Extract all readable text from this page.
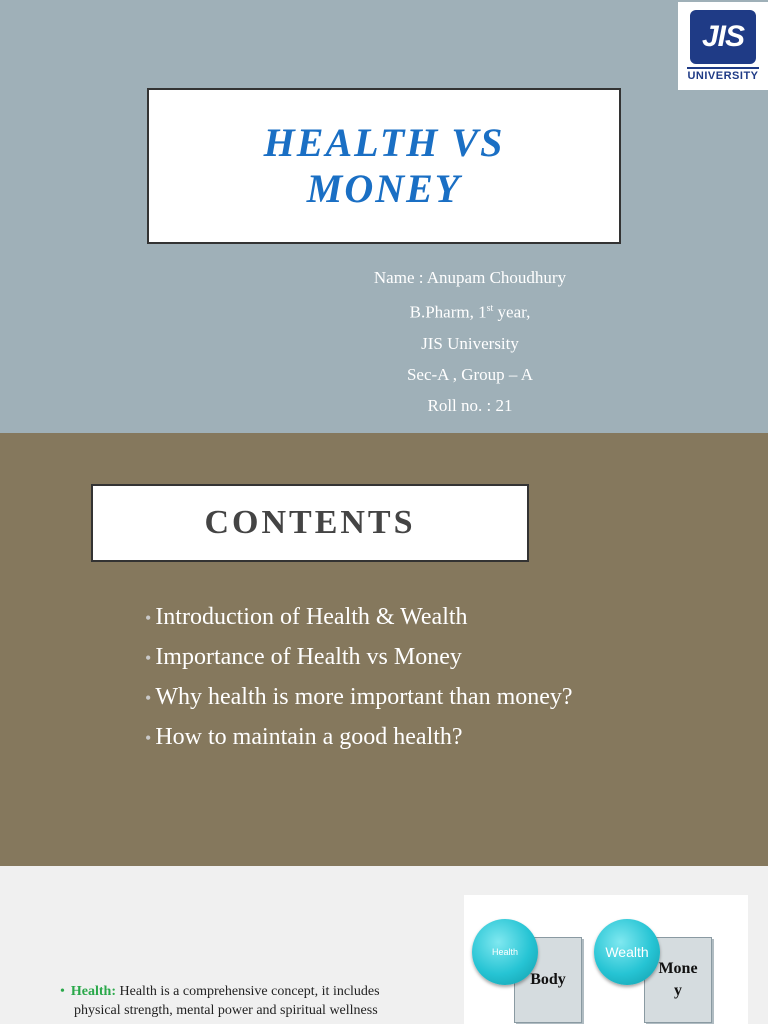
JIS
UNIVERSITY
HEALTH VS
MONEY
Name : Anupam Choudhury
B.Pharm, 1st year,
JIS University
Sec-A , Group – A
Roll no. : 21
CONTENTS
• Introduction of Health & Wealth
• Importance of Health vs Money
• Why health is more important than money?
• How to maintain a good health?
• Health: Health is a comprehensive concept, it includes
physical strength, mental power and spiritual wellness
Body
Health
Mone
y
Wealth
